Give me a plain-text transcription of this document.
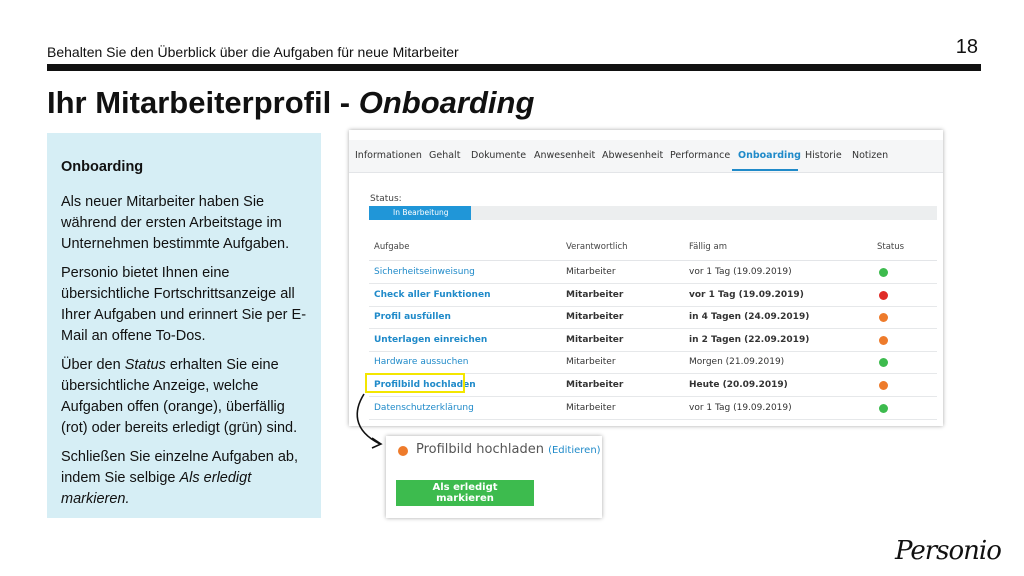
Behalten Sie den Überblick über die Aufgaben für neue Mitarbeiter	18
Ihr Mitarbeiterprofil - Onboarding
Onboarding

Als neuer Mitarbeiter haben Sie während der ersten Arbeitstage im Unternehmen bestimmte Aufgaben.

Personio bietet Ihnen eine übersichtliche Fortschrittsanzeige all Ihrer Aufgaben und erinnert Sie per E-Mail an offene To-Dos.

Über den Status erhalten Sie eine übersichtliche Anzeige, welche Aufgaben offen (orange), überfällig (rot) oder bereits erledigt (grün) sind.

Schließen Sie einzelne Aufgaben ab, indem Sie selbige Als erledigt markieren.

Informationen Gehalt Dokumente Anwesenheit Abwesenheit Performance Onboarding Historie Notizen
Status:
In Bearbeitung
Aufgabe	Verantwortlich	Fällig am	Status
Sicherheitseinweisung	Mitarbeiter	vor 1 Tag (19.09.2019)
Check aller Funktionen	Mitarbeiter	vor 1 Tag (19.09.2019)
Profil ausfüllen	Mitarbeiter	in 4 Tagen (24.09.2019)
Unterlagen einreichen	Mitarbeiter	in 2 Tagen (22.09.2019)
Hardware aussuchen	Mitarbeiter	Morgen (21.09.2019)
Profilbild hochladen	Mitarbeiter	Heute (20.09.2019)
Datenschutzerklärung	Mitarbeiter	vor 1 Tag (19.09.2019)
Profilbild hochladen (Editieren)
Als erledigt markieren
Personio
